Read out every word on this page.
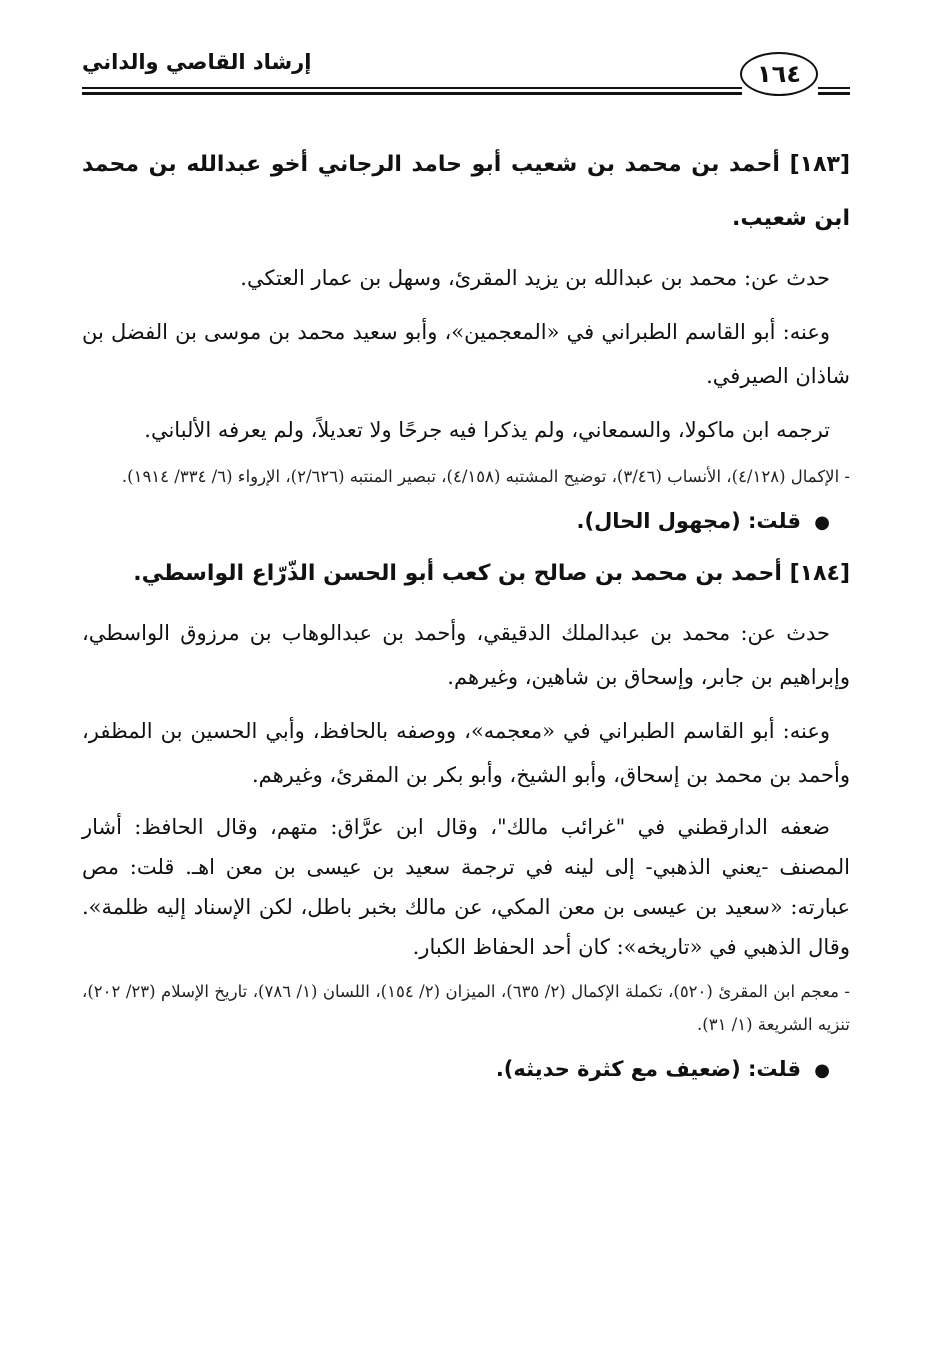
إرشاد القاصي والداني	١٦٤

[١٨٣] أحمد بن محمد بن شعيب أبو حامد الرجاني أخو عبدالله بن محمد ابن شعيب.

حدث عن: محمد بن عبدالله بن يزيد المقرئ، وسهل بن عمار العتكي.

وعنه: أبو القاسم الطبراني في «المعجمين»، وأبو سعيد محمد بن موسى بن الفضل بن شاذان الصيرفي.

ترجمه ابن ماكولا، والسمعاني، ولم يذكرا فيه جرحًا ولا تعديلاً، ولم يعرفه الألباني.

- الإكمال (٤/١٢٨)، الأنساب (٣/٤٦)، توضيح المشتبه (٤/١٥٨)، تبصير المنتبه (٢/٦٢٦)، الإرواء (٦/ ٣٣٤/ ١٩١٤).

● قلت: (مجهول الحال).

[١٨٤] أحمد بن محمد بن صالح بن كعب أبو الحسن الذّرّاع الواسطي.

حدث عن: محمد بن عبدالملك الدقيقي، وأحمد بن عبدالوهاب بن مرزوق الواسطي، وإبراهيم بن جابر، وإسحاق بن شاهين، وغيرهم.

وعنه: أبو القاسم الطبراني في «معجمه»، ووصفه بالحافظ، وأبي الحسين بن المظفر، وأحمد بن محمد بن إسحاق، وأبو الشيخ، وأبو بكر بن المقرئ، وغيرهم.

ضعفه الدارقطني في "غرائب مالك"، وقال ابن عرَّاق: متهم، وقال الحافظ: أشار المصنف -يعني الذهبي- إلى لينه في ترجمة سعيد بن عيسى بن معن اهـ. قلت: مص عبارته: «سعيد بن عيسى بن معن المكي، عن مالك بخبر باطل، لكن الإسناد إليه ظلمة». وقال الذهبي في «تاريخه»: كان أحد الحفاظ الكبار.

- معجم ابن المقرئ (٥٢٠)، تكملة الإكمال (٢/ ٦٣٥)، الميزان (٢/ ١٥٤)، اللسان (١/ ٧٨٦)، تاريخ الإسلام (٢٣/ ٢٠٢)، تنزيه الشريعة (١/ ٣١).

● قلت: (ضعيف مع كثرة حديثه).
